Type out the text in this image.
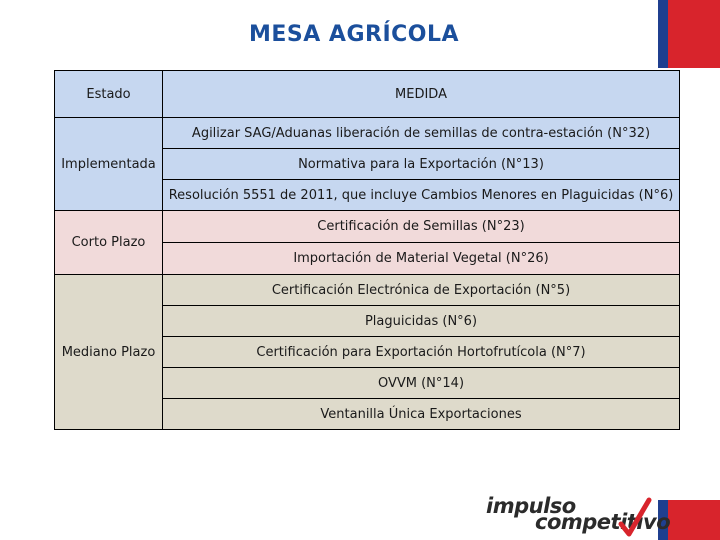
MESA AGRÍCOLA
Estado	MEDIDA
Implementada	Agilizar SAG/Aduanas liberación de semillas de contra-estación (N°32)
	Normativa para la Exportación (N°13)
	Resolución 5551 de 2011, que incluye Cambios Menores en Plaguicidas (N°6)
Corto Plazo	Certificación de Semillas (N°23)
	Importación de Material Vegetal (N°26)
Mediano Plazo	Certificación Electrónica de Exportación (N°5)
	Plaguicidas (N°6)
	Certificación para Exportación Hortofrutícola (N°7)
	OVVM (N°14)
	Ventanilla Única Exportaciones
impulso
competitivo
